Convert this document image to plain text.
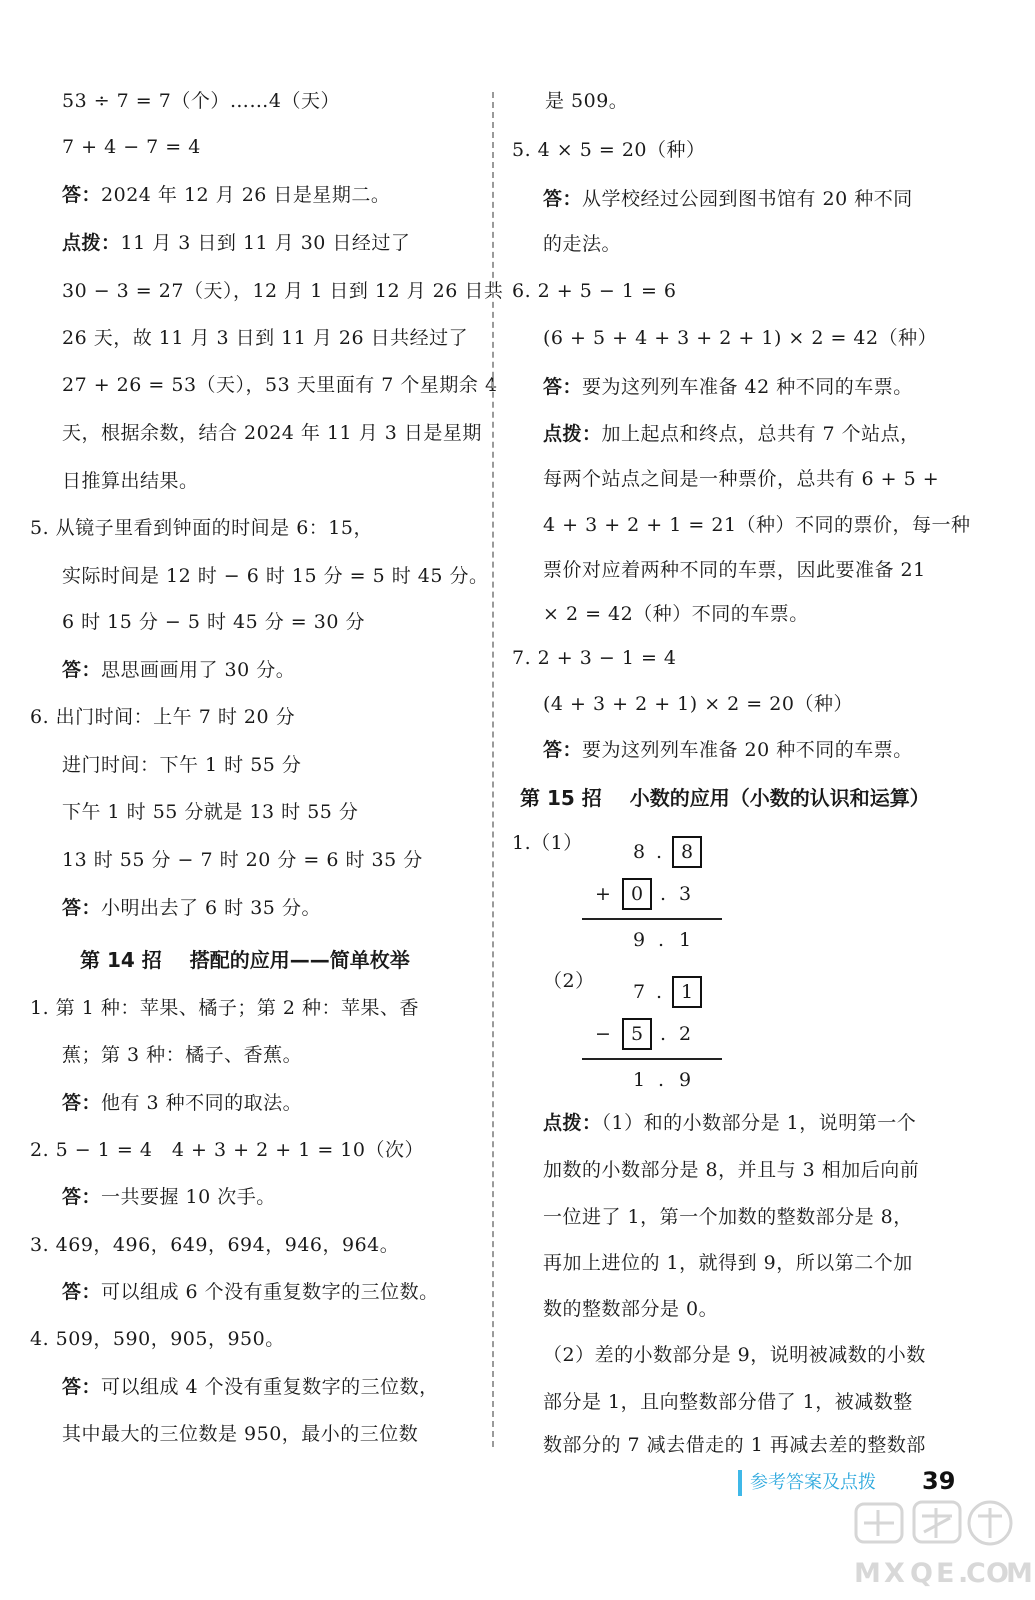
53 ÷ 7 = 7（个）……4（天）
7 + 4 − 7 = 4
答：2024 年 12 月 26 日是星期二。
点拨：11 月 3 日到 11 月 30 日经过了
30 − 3 = 27（天），12 月 1 日到 12 月 26 日共
26 天，故 11 月 3 日到 11 月 26 日共经过了
27 + 26 = 53（天），53 天里面有 7 个星期余 4
天，根据余数，结合 2024 年 11 月 3 日是星期
日推算出结果。
5. 从镜子里看到钟面的时间是 6：15，
实际时间是 12 时 − 6 时 15 分 = 5 时 45 分。
6 时 15 分 − 5 时 45 分 = 30 分
答：思思画画用了 30 分。
6. 出门时间：上午 7 时 20 分
进门时间：下午 1 时 55 分
下午 1 时 55 分就是 13 时 55 分
13 时 55 分 − 7 时 20 分 = 6 时 35 分
答：小明出去了 6 时 35 分。
1. 第 1 种：苹果、橘子；第 2 种：苹果、香
蕉；第 3 种：橘子、香蕉。
答：他有 3 种不同的取法。
2. 5 − 1 = 4　4 + 3 + 2 + 1 = 10（次）
答：一共要握 10 次手。
3. 469，496，649，694，946，964。
答：可以组成 6 个没有重复数字的三位数。
4. 509，590，905，950。
答：可以组成 4 个没有重复数字的三位数，
其中最大的三位数是 950，最小的三位数
是 509。
5. 4 × 5 = 20（种）
答：从学校经过公园到图书馆有 20 种不同
的走法。
6. 2 + 5 − 1 = 6
(6 + 5 + 4 + 3 + 2 + 1) × 2 = 42（种）
答：要为这列列车准备 42 种不同的车票。
点拨：加上起点和终点，总共有 7 个站点，
每两个站点之间是一种票价，总共有 6 + 5 +
4 + 3 + 2 + 1 = 21（种）不同的票价，每一种
票价对应着两种不同的车票，因此要准备 21
× 2 = 42（种）不同的车票。
7. 2 + 3 − 1 = 4
(4 + 3 + 2 + 1) × 2 = 20（种）
答：要为这列列车准备 20 种不同的车票。
1.（1）
（2）
点拨：（1）和的小数部分是 1，说明第一个
加数的小数部分是 8，并且与 3 相加后向前
一位进了 1，第一个加数的整数部分是 8，
再加上进位的 1，就得到 9，所以第二个加
数的整数部分是 0。
（2）差的小数部分是 9，说明被减数的小数
部分是 1，且向整数部分借了 1，被减数整
数部分的 7 减去借走的 1 再减去差的整数部
第 14 招 搭配的应用——简单枚举
第 15 招 小数的应用（小数的认识和运算）
8 . 8
+	0 . 3
9 . 1
7 . 1
−	5 . 2
1 . 9
参考答案及点拨 39
M X Q E .
C O
M
